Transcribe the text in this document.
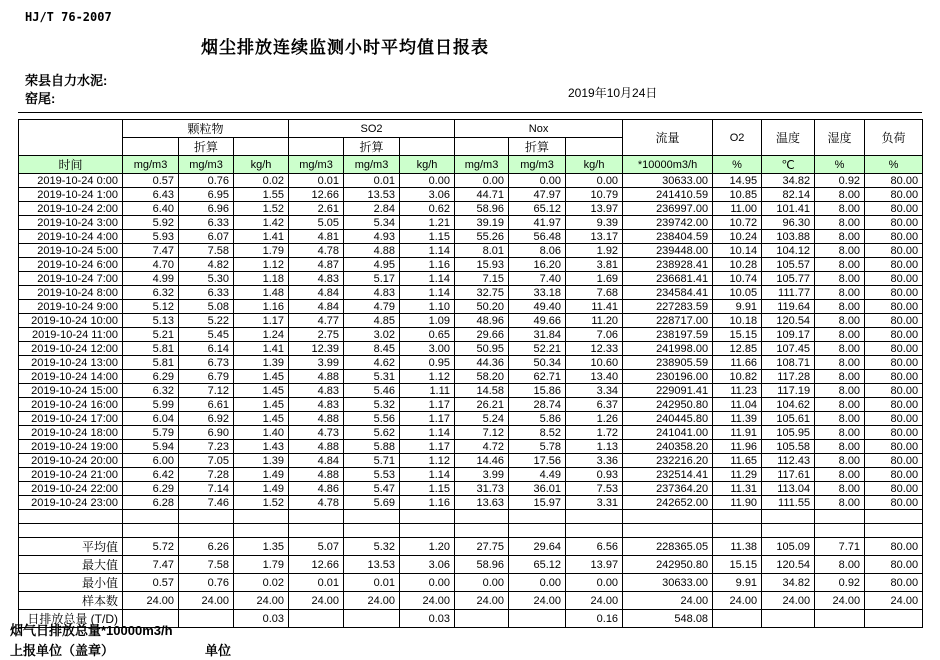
HJ/T 76-2007
烟尘排放连续监测小时平均值日报表
荣县自力水泥:
窑尾:	2019年10月24日
	颗粒物			SO2			Nox			流量	O2	温度	湿度	负荷
		折算			折算			折算						
时间	mg/m3	mg/m3	kg/h	mg/m3	mg/m3	kg/h	mg/m3	mg/m3	kg/h	*10000m3/h	%	℃	%	%
2019-10-24 0:00	0.57	0.76	0.02	0.01	0.01	0.00	0.00	0.00	0.00	30633.00	14.95	34.82	0.92	80.00
2019-10-24 1:00	6.43	6.95	1.55	12.66	13.53	3.06	44.71	47.97	10.79	241410.59	10.85	82.14	8.00	80.00
2019-10-24 2:00	6.40	6.96	1.52	2.61	2.84	0.62	58.96	65.12	13.97	236997.00	11.00	101.41	8.00	80.00
2019-10-24 3:00	5.92	6.33	1.42	5.05	5.34	1.21	39.19	41.97	9.39	239742.00	10.72	96.30	8.00	80.00
2019-10-24 4:00	5.93	6.07	1.41	4.81	4.93	1.15	55.26	56.48	13.17	238404.59	10.24	103.88	8.00	80.00
2019-10-24 5:00	7.47	7.58	1.79	4.78	4.88	1.14	8.01	8.06	1.92	239448.00	10.14	104.12	8.00	80.00
2019-10-24 6:00	4.70	4.82	1.12	4.87	4.95	1.16	15.93	16.20	3.81	238928.41	10.28	105.57	8.00	80.00
2019-10-24 7:00	4.99	5.30	1.18	4.83	5.17	1.14	7.15	7.40	1.69	236681.41	10.74	105.77	8.00	80.00
2019-10-24 8:00	6.32	6.33	1.48	4.84	4.83	1.14	32.75	33.18	7.68	234584.41	10.05	111.77	8.00	80.00
2019-10-24 9:00	5.12	5.08	1.16	4.84	4.79	1.10	50.20	49.40	11.41	227283.59	9.91	119.64	8.00	80.00
2019-10-24 10:00	5.13	5.22	1.17	4.77	4.85	1.09	48.96	49.66	11.20	228717.00	10.18	120.54	8.00	80.00
2019-10-24 11:00	5.21	5.45	1.24	2.75	3.02	0.65	29.66	31.84	7.06	238197.59	15.15	109.17	8.00	80.00
2019-10-24 12:00	5.81	6.14	1.41	12.39	8.45	3.00	50.95	52.21	12.33	241998.00	12.85	107.45	8.00	80.00
2019-10-24 13:00	5.81	6.73	1.39	3.99	4.62	0.95	44.36	50.34	10.60	238905.59	11.66	108.71	8.00	80.00
2019-10-24 14:00	6.29	6.79	1.45	4.88	5.31	1.12	58.20	62.71	13.40	230196.00	10.82	117.28	8.00	80.00
2019-10-24 15:00	6.32	7.12	1.45	4.83	5.46	1.11	14.58	15.86	3.34	229091.41	11.23	117.19	8.00	80.00
2019-10-24 16:00	5.99	6.61	1.45	4.83	5.32	1.17	26.21	28.74	6.37	242950.80	11.04	104.62	8.00	80.00
2019-10-24 17:00	6.04	6.92	1.45	4.88	5.56	1.17	5.24	5.86	1.26	240445.80	11.39	105.61	8.00	80.00
2019-10-24 18:00	5.79	6.90	1.40	4.73	5.62	1.14	7.12	8.52	1.72	241041.00	11.91	105.95	8.00	80.00
2019-10-24 19:00	5.94	7.23	1.43	4.88	5.88	1.17	4.72	5.78	1.13	240358.20	11.96	105.58	8.00	80.00
2019-10-24 20:00	6.00	7.05	1.39	4.84	5.71	1.12	14.46	17.56	3.36	232216.20	11.65	112.43	8.00	80.00
2019-10-24 21:00	6.42	7.28	1.49	4.88	5.53	1.14	3.99	4.49	0.93	232514.41	11.29	117.61	8.00	80.00
2019-10-24 22:00	6.29	7.14	1.49	4.86	5.47	1.15	31.73	36.01	7.53	237364.20	11.31	113.04	8.00	80.00
2019-10-24 23:00	6.28	7.46	1.52	4.78	5.69	1.16	13.63	15.97	3.31	242652.00	11.90	111.55	8.00	80.00

平均值	5.72	6.26	1.35	5.07	5.32	1.20	27.75	29.64	6.56	228365.05	11.38	105.09	7.71	80.00
最大值	7.47	7.58	1.79	12.66	13.53	3.06	58.96	65.12	13.97	242950.80	15.15	120.54	8.00	80.00
最小值	0.57	0.76	0.02	0.01	0.01	0.00	0.00	0.00	0.00	30633.00	9.91	34.82	0.92	80.00
样本数	24.00	24.00	24.00	24.00	24.00	24.00	24.00	24.00	24.00	24.00	24.00	24.00	24.00	24.00
日排放总量 (T/D)			0.03			0.03			0.16	548.08				
烟气日排放总量*10000m3/h
上报单位（盖章）	单位
